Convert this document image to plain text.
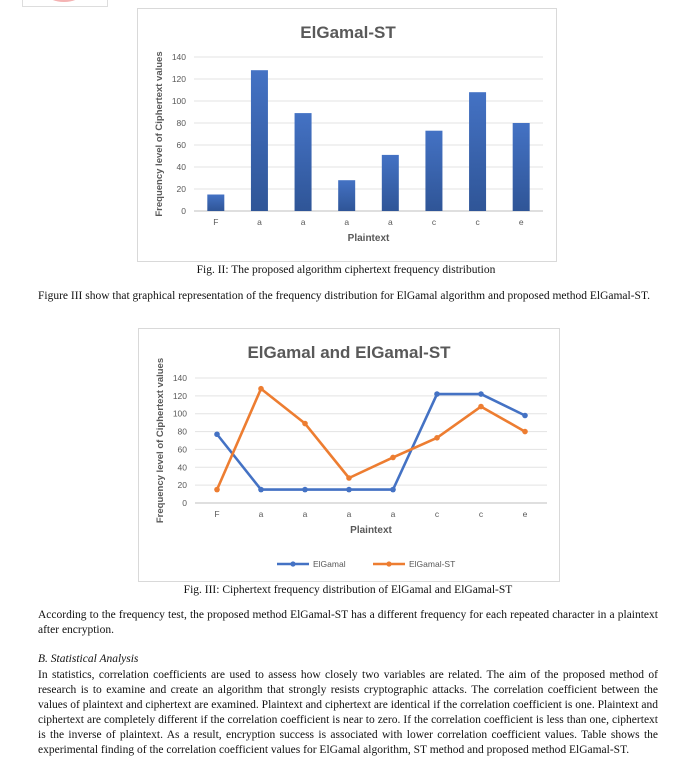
ElGamal-ST
0
20
40
60
80
100
120
140
F	a	a	a	a	c	c	e
Plaintext
Frequency level of Ciphertext values
Fig. II: The proposed algorithm ciphertext frequency distribution
Figure III show that graphical representation of the frequency distribution for ElGamal algorithm and proposed method ElGamal-ST.
ElGamal and ElGamal-ST
0
20
40
60
80
100
120
140
F	a	a	a	a	c	c	e
Plaintext
Frequency level of Ciphertext values
ElGamal	ElGamal-ST
Fig. III: Ciphertext frequency distribution of ElGamal and ElGamal-ST
According to the frequency test, the proposed method ElGamal-ST has a different frequency for each repeated character in a plaintext after encryption.
B. Statistical Analysis
In statistics, correlation coefficients are used to assess how closely two variables are related. The aim of the proposed method of research is to examine and create an algorithm that strongly resists cryptographic attacks. The correlation coefficient between the values of plaintext and ciphertext are examined. Plaintext and ciphertext are identical if the correlation coefficient is one. Plaintext and ciphertext are completely different if the correlation coefficient is near to zero. If the correlation coefficient is less than one, ciphertext is the inverse of plaintext. As a result, encryption success is associated with lower correlation coefficient values. Table shows the experimental finding of the correlation coefficient values for ElGamal algorithm, ST method and proposed method ElGamal-ST.
